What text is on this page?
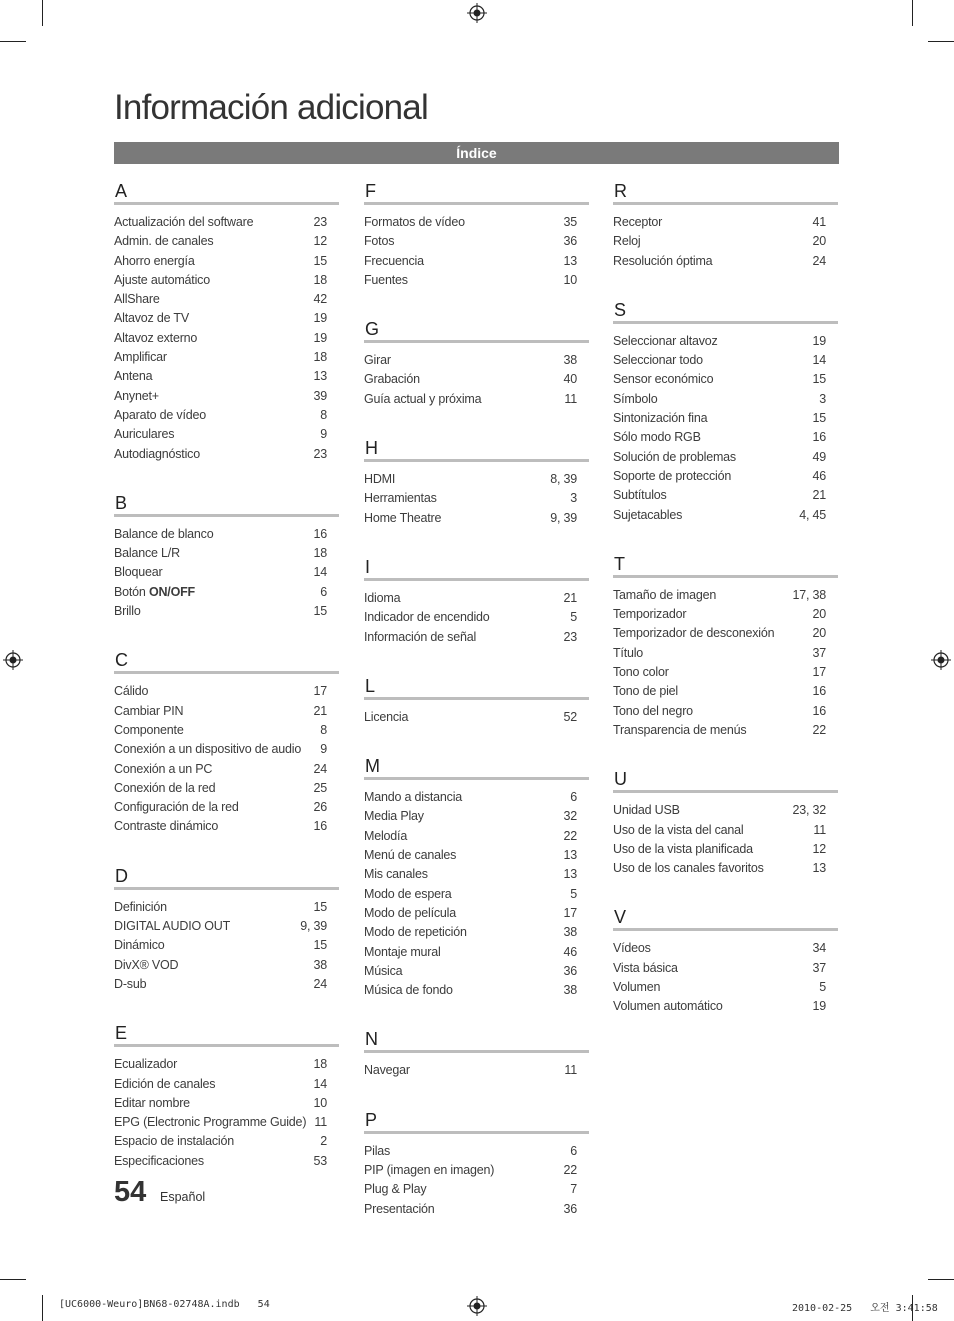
Información adicional
Índice
A
Actualización del software	23
Admin. de canales	12
Ahorro energía	15
Ajuste automático	18
AllShare	42
Altavoz de TV	19
Altavoz externo	19
Amplificar	18
Antena	13
Anynet+	39
Aparato de vídeo	8
Auriculares	9
Autodiagnóstico	23
B
Balance de blanco	16
Balance L/R	18
Bloquear	14
Botón ON/OFF	6
Brillo	15
C
Cálido	17
Cambiar PIN	21
Componente	8
Conexión a un dispositivo de audio 9
Conexión a un PC	24
Conexión de la red	25
Configuración de la red	26
Contraste dinámico	16
D
Definición	15
DIGITAL AUDIO OUT	9, 39
Dinámico	15
DivX® VOD	38
D-sub	24
E
Ecualizador	18
Edición de canales	14
Editar nombre	10
EPG (Electronic Programme Guide) 11
Espacio de instalación	2
Especificaciones	53
F
Formatos de vídeo	35
Fotos	36
Frecuencia	13
Fuentes	10
G
Girar	38
Grabación	40
Guía actual y próxima	11
H
HDMI	8, 39
Herramientas	3
Home Theatre	9, 39
I
Idioma	21
Indicador de encendido	5
Información de señal	23
L
Licencia	52
M
Mando a distancia	6
Media Play	32
Melodía	22
Menú de canales	13
Mis canales	13
Modo de espera	5
Modo de película	17
Modo de repetición	38
Montaje mural	46
Música	36
Música de fondo	38
N
Navegar	11
P
Pilas	6
PIP (imagen en imagen)	22
Plug & Play	7
Presentación	36
R
Receptor	41
Reloj	20
Resolución óptima	24
S
Seleccionar altavoz	19
Seleccionar todo	14
Sensor económico	15
Símbolo	3
Sintonización fina	15
Sólo modo RGB	16
Solución de problemas	49
Soporte de protección	46
Subtítulos	21
Sujetacables	4, 45
T
Tamaño de imagen	17, 38
Temporizador	20
Temporizador de desconexión	20
Título	37
Tono color	17
Tono de piel	16
Tono del negro	16
Transparencia de menús	22
U
Unidad USB	23, 32
Uso de la vista del canal	11
Uso de la vista planificada	12
Uso de los canales favoritos	13
V
Vídeos	34
Vista básica	37
Volumen	5
Volumen automático	19
54 Español
[UC6000-Weuro]BN68-02748A.indb   54	2010-02-25   오전 3:41:58
